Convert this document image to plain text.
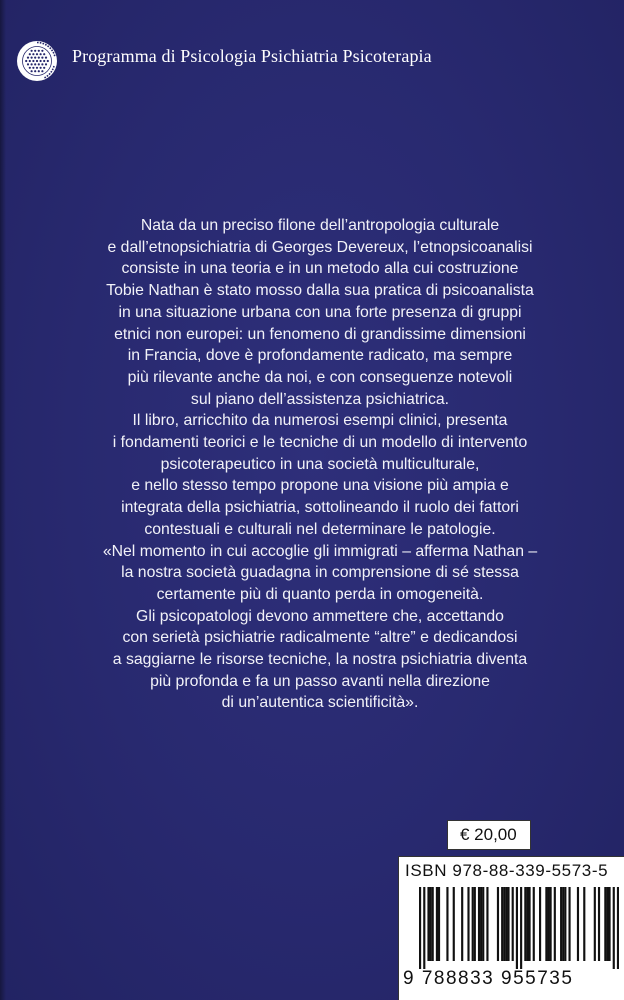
Programma di Psicologia Psichiatria Psicoterapia
Nata da un preciso filone dell’antropologia culturale
e dall’etnopsichiatria di Georges Devereux, l’etnopsicoanalisi
consiste in una teoria e in un metodo alla cui costruzione
Tobie Nathan è stato mosso dalla sua pratica di psicoanalista
in una situazione urbana con una forte presenza di gruppi
etnici non europei: un fenomeno di grandissime dimensioni
in Francia, dove è profondamente radicato, ma sempre
più rilevante anche da noi, e con conseguenze notevoli
sul piano dell’assistenza psichiatrica.
Il libro, arricchito da numerosi esempi clinici, presenta
i fondamenti teorici e le tecniche di un modello di intervento
psicoterapeutico in una società multiculturale,
e nello stesso tempo propone una visione più ampia e
integrata della psichiatria, sottolineando il ruolo dei fattori
contestuali e culturali nel determinare le patologie.
«Nel momento in cui accoglie gli immigrati – afferma Nathan –
la nostra società guadagna in comprensione di sé stessa
certamente più di quanto perda in omogeneità.
Gli psicopatologi devono ammettere che, accettando
con serietà psichiatrie radicalmente “altre” e dedicandosi
a saggiarne le risorse tecniche, la nostra psichiatria diventa
più profonda e fa un passo avanti nella direzione
di un’autentica scientificità».
€ 20,00
ISBN 978-88-339-5573-5
9 788833 955735
